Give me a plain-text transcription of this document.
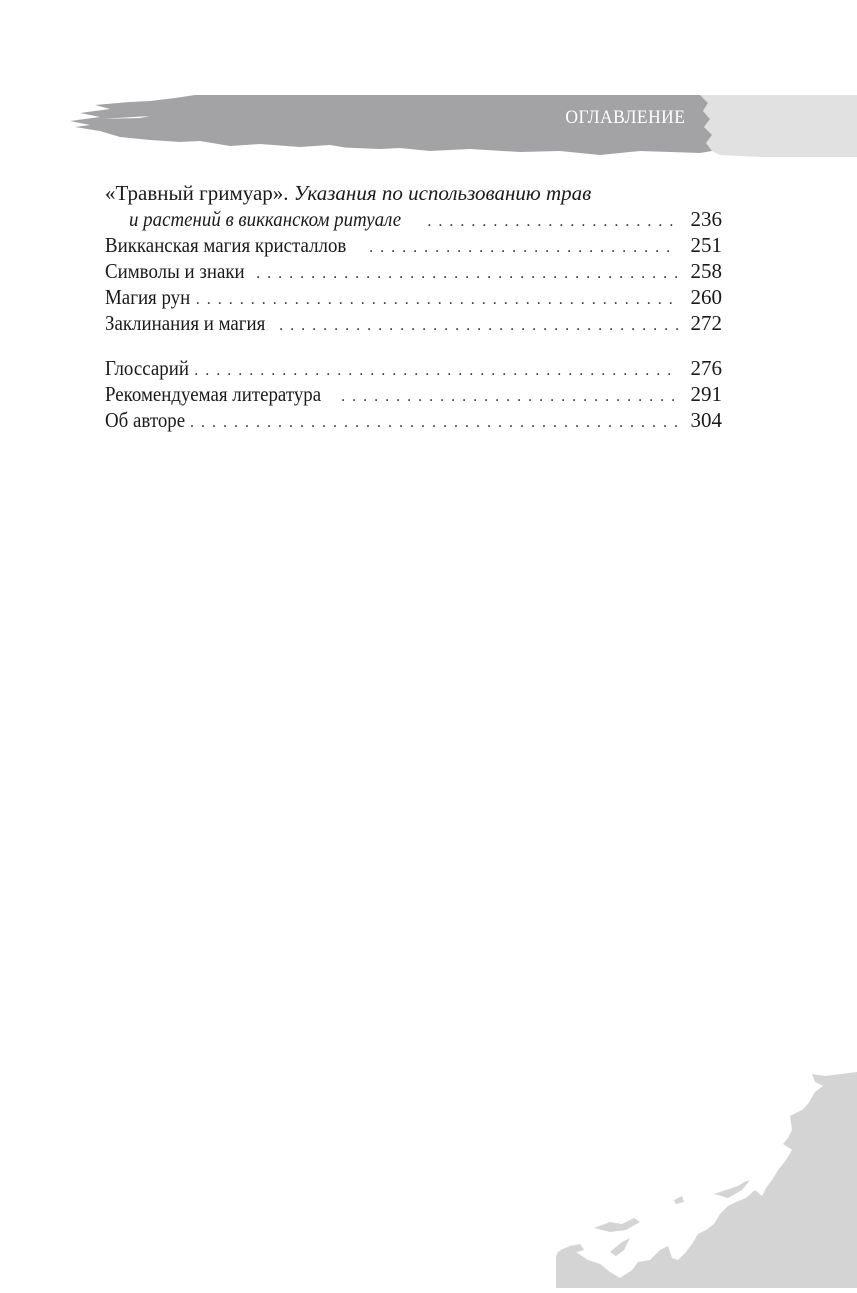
ОГЛАВЛЕНИЕ
«Травный гримуар». Указания по использованию трав
и растений в викканском ритуале . . .	236
Викканская магия кристаллов . . .	251
Символы и знаки . . .	258
Магия рун . . .	260
Заклинания и магия . . .	272
Глоссарий . . .	276
Рекомендуемая литература . . .	291
Об авторе . . .	304
